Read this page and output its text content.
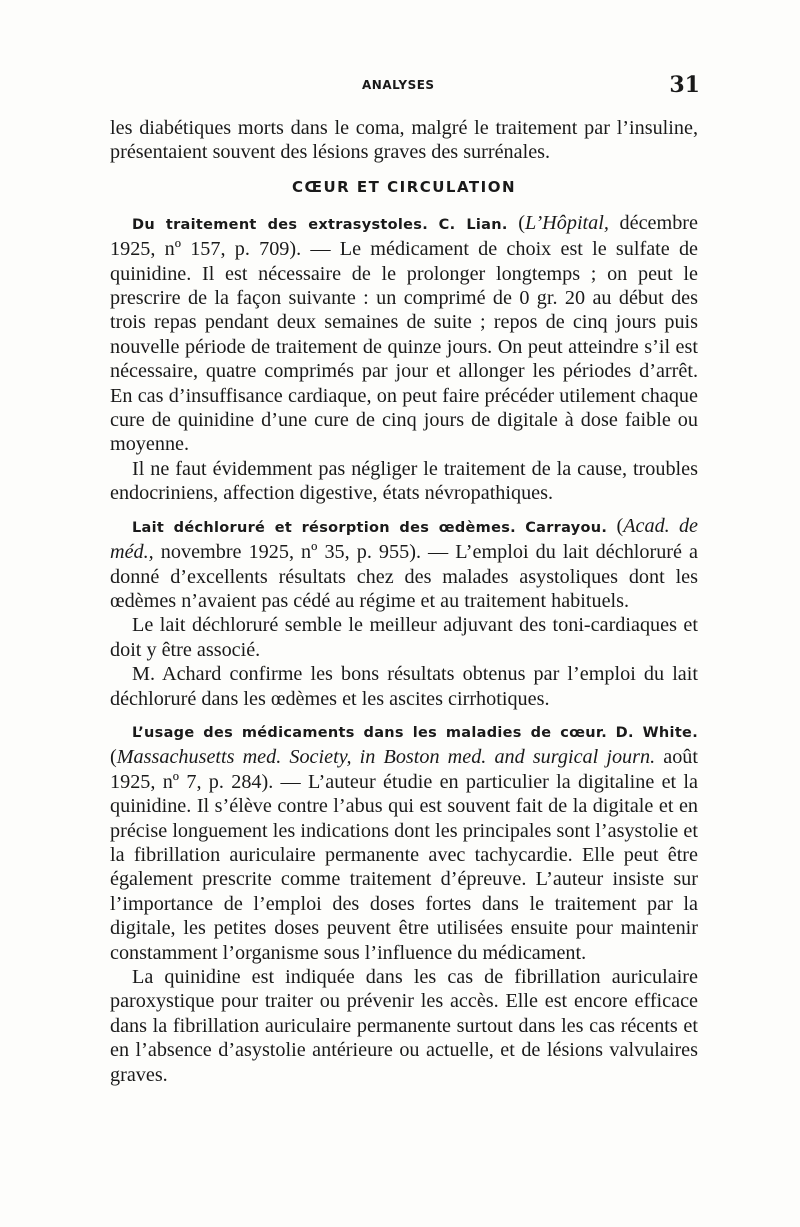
ANALYSES	31

les diabétiques morts dans le coma, malgré le traitement par l’insuline, présentaient souvent des lésions graves des surrénales.

CŒUR ET CIRCULATION

Du traitement des extrasystoles. C. Lian. (L’Hôpital, décembre 1925, nº 157, p. 709). — Le médicament de choix est le sulfate de quinidine. Il est nécessaire de le prolonger longtemps ; on peut le prescrire de la façon suivante : un comprimé de 0 gr. 20 au début des trois repas pendant deux semaines de suite ; repos de cinq jours puis nouvelle période de traitement de quinze jours. On peut atteindre s’il est nécessaire, quatre comprimés par jour et allonger les périodes d’arrêt. En cas d’insuffisance cardiaque, on peut faire précéder utilement chaque cure de quinidine d’une cure de cinq jours de digitale à dose faible ou moyenne.

Il ne faut évidemment pas négliger le traitement de la cause, troubles endocriniens, affection digestive, états névropathiques.

Lait déchloruré et résorption des œdèmes. Carrayou. (Acad. de méd., novembre 1925, nº 35, p. 955). — L’emploi du lait déchloruré a donné d’excellents résultats chez des malades asystoliques dont les œdèmes n’avaient pas cédé au régime et au traitement habituels.

Le lait déchloruré semble le meilleur adjuvant des toni-cardiaques et doit y être associé.

M. Achard confirme les bons résultats obtenus par l’emploi du lait déchloruré dans les œdèmes et les ascites cirrhotiques.

L’usage des médicaments dans les maladies de cœur. D. White. (Massachusetts med. Society, in Boston med. and surgical journ. août 1925, nº 7, p. 284). — L’auteur étudie en particulier la digitaline et la quinidine. Il s’élève contre l’abus qui est souvent fait de la digitale et en précise longuement les indications dont les principales sont l’asystolie et la fibrillation auriculaire permanente avec tachycardie. Elle peut être également prescrite comme traitement d’épreuve. L’auteur insiste sur l’importance de l’emploi des doses fortes dans le traitement par la digitale, les petites doses peuvent être utilisées ensuite pour maintenir constamment l’organisme sous l’influence du médicament.

La quinidine est indiquée dans les cas de fibrillation auriculaire paroxystique pour traiter ou prévenir les accès. Elle est encore efficace dans la fibrillation auriculaire permanente surtout dans les cas récents et en l’absence d’asystolie antérieure ou actuelle, et de lésions valvulaires graves.
